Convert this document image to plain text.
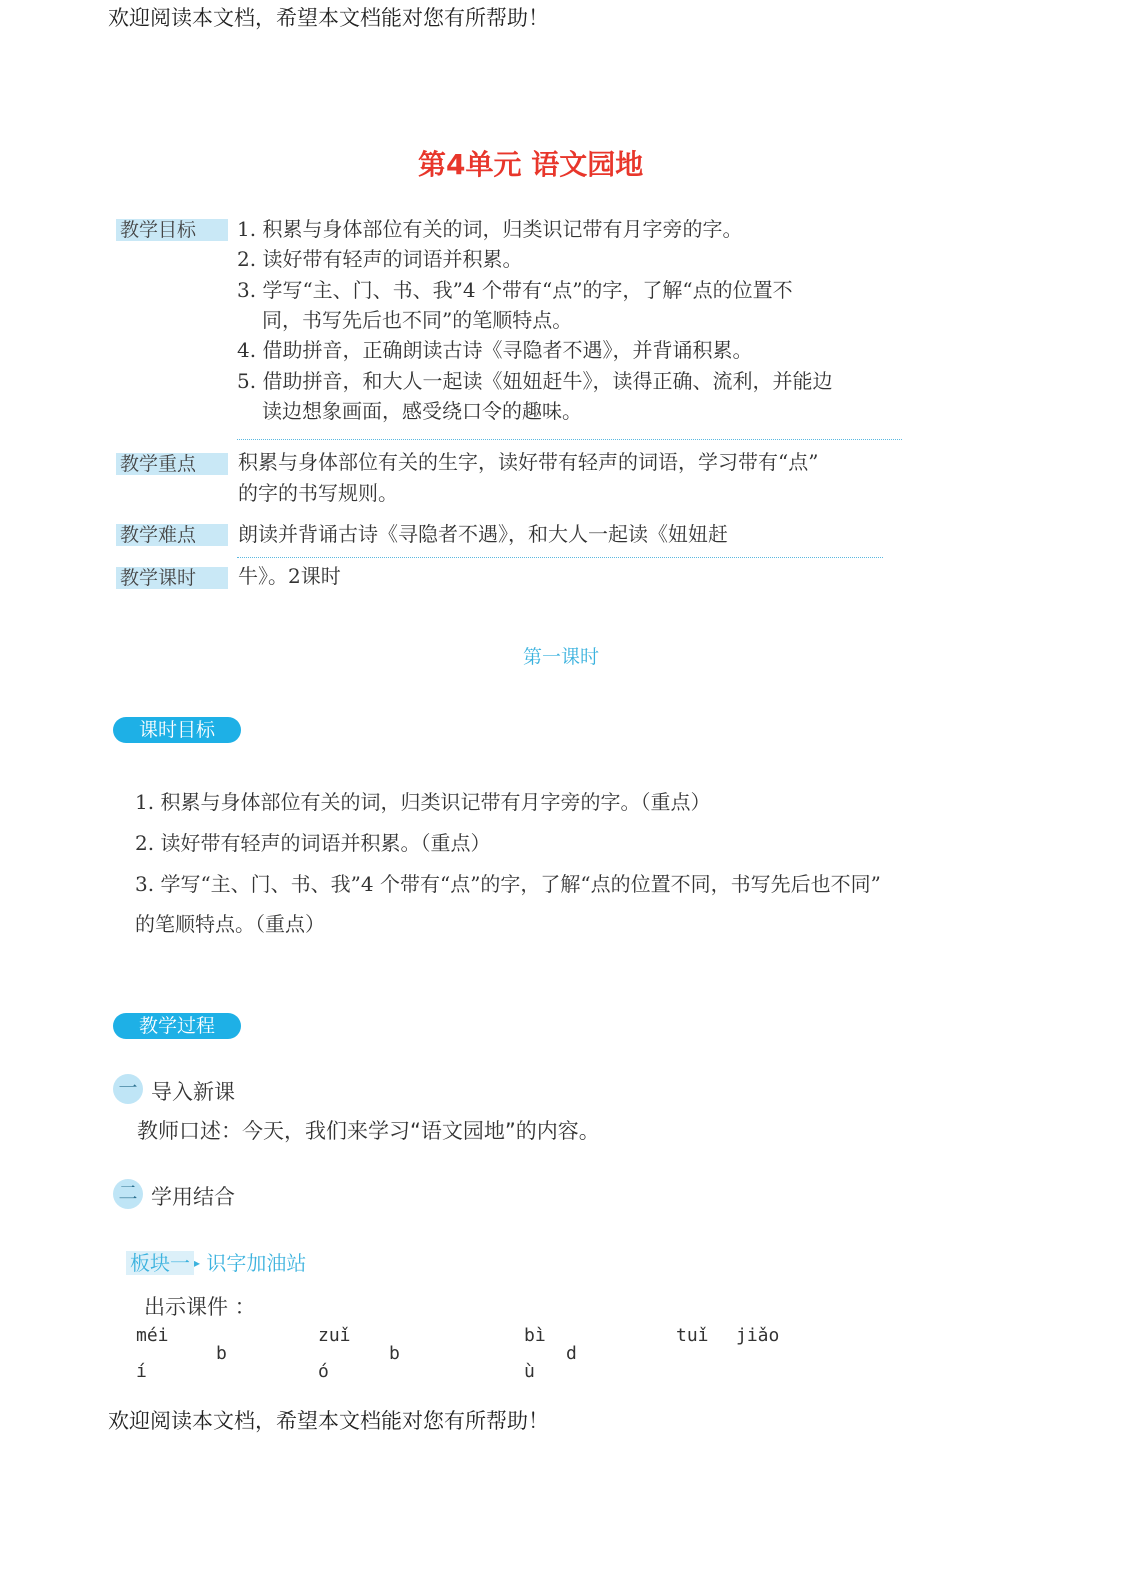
欢迎阅读本文档，希望本文档能对您有所帮助！
第4单元 语文园地
教学目标	1. 积累与身体部位有关的词，归类识记带有月字旁的字。
2. 读好带有轻声的词语并积累。
3. 学写“主、门、书、我”4 个带有“点”的字，了解“点的位置不
同，书写先后也不同”的笔顺特点。
4. 借助拼音，正确朗读古诗《寻隐者不遇》，并背诵积累。
5. 借助拼音，和大人一起读《妞妞赶牛》，读得正确、流利，并能边
读边想象画面，感受绕口令的趣味。
教学重点	积累与身体部位有关的生字，读好带有轻声的词语，学习带有“点”
的字的书写规则。
教学难点	朗读并背诵古诗《寻隐者不遇》，和大人一起读《妞妞赶
教学课时	牛》。2课时
第一课时
课时目标
1. 积累与身体部位有关的词，归类识记带有月字旁的字。（重点）
2. 读好带有轻声的词语并积累。（重点）
3. 学写“主、门、书、我”4 个带有“点”的字，了解“点的位置不同，书写先后也不同”
的笔顺特点。（重点）
教学过程
一 导入新课
教师口述：今天，我们来学习“语文园地”的内容。
二 学用结合
板块一 ▸ 识字加油站
出示课件 ：
méi	zuǐ	bì	tuǐ jiǎo
b	b	d
í	ó	ù
欢迎阅读本文档，希望本文档能对您有所帮助！
